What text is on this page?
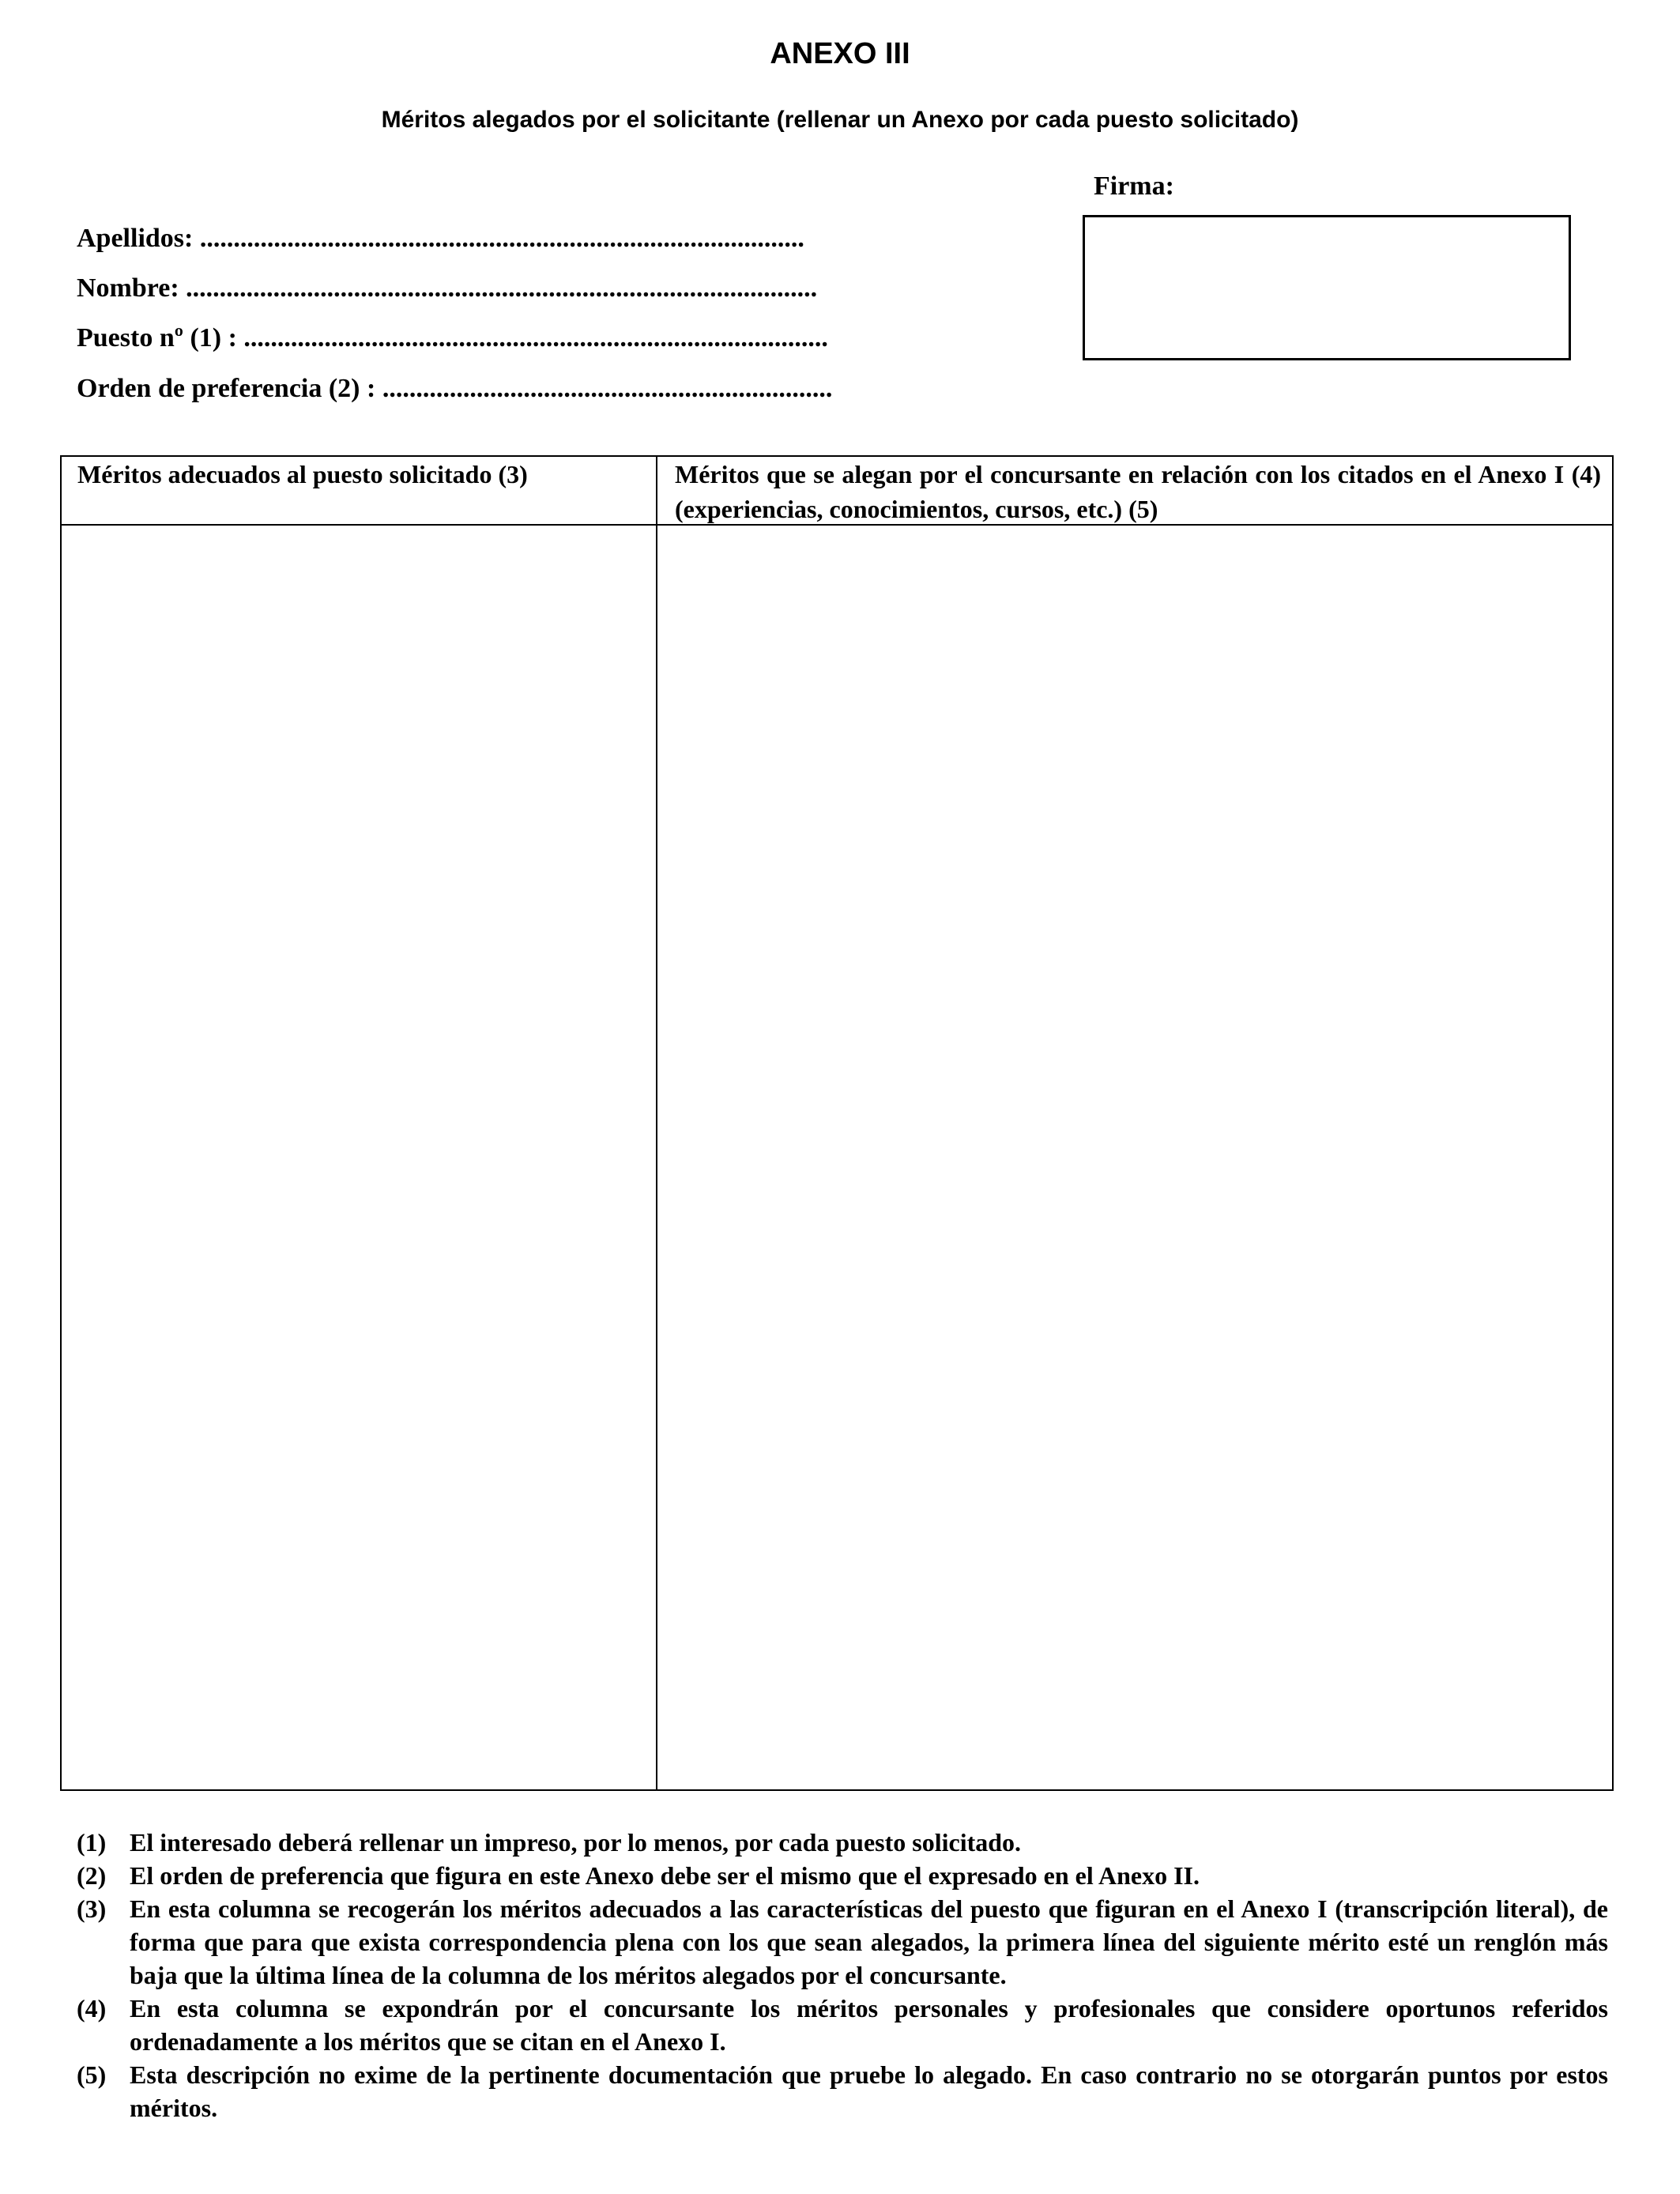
ANEXO III
Méritos alegados por el solicitante (rellenar un Anexo por cada puesto solicitado)
Firma:
Apellidos: ..........................................................................................
Nombre: ..............................................................................................
Puesto nº (1) : .......................................................................................
Orden de preferencia (2) : ...................................................................
Méritos adecuados al puesto solicitado (3)	Méritos que se alegan por el concursante en relación con los citados en el Anexo I (4) (experiencias, conocimientos, cursos, etc.) (5)
(1) El interesado deberá rellenar un impreso, por lo menos, por cada puesto solicitado.
(2) El orden de preferencia que figura en este Anexo debe ser el mismo que el expresado en el Anexo II.
(3) En esta columna se recogerán los méritos adecuados a las características del puesto que figuran en el Anexo I (transcripción literal), de forma que para que exista correspondencia plena con los que sean alegados, la primera línea del siguiente mérito esté un renglón más baja que la última línea de la columna de los méritos alegados por el concursante.
(4) En esta columna se expondrán por el concursante los méritos personales y profesionales que considere oportunos referidos ordenadamente a los méritos que se citan en el Anexo I.
(5) Esta descripción no exime de la pertinente documentación que pruebe lo alegado. En caso contrario no se otorgarán puntos por estos méritos.
